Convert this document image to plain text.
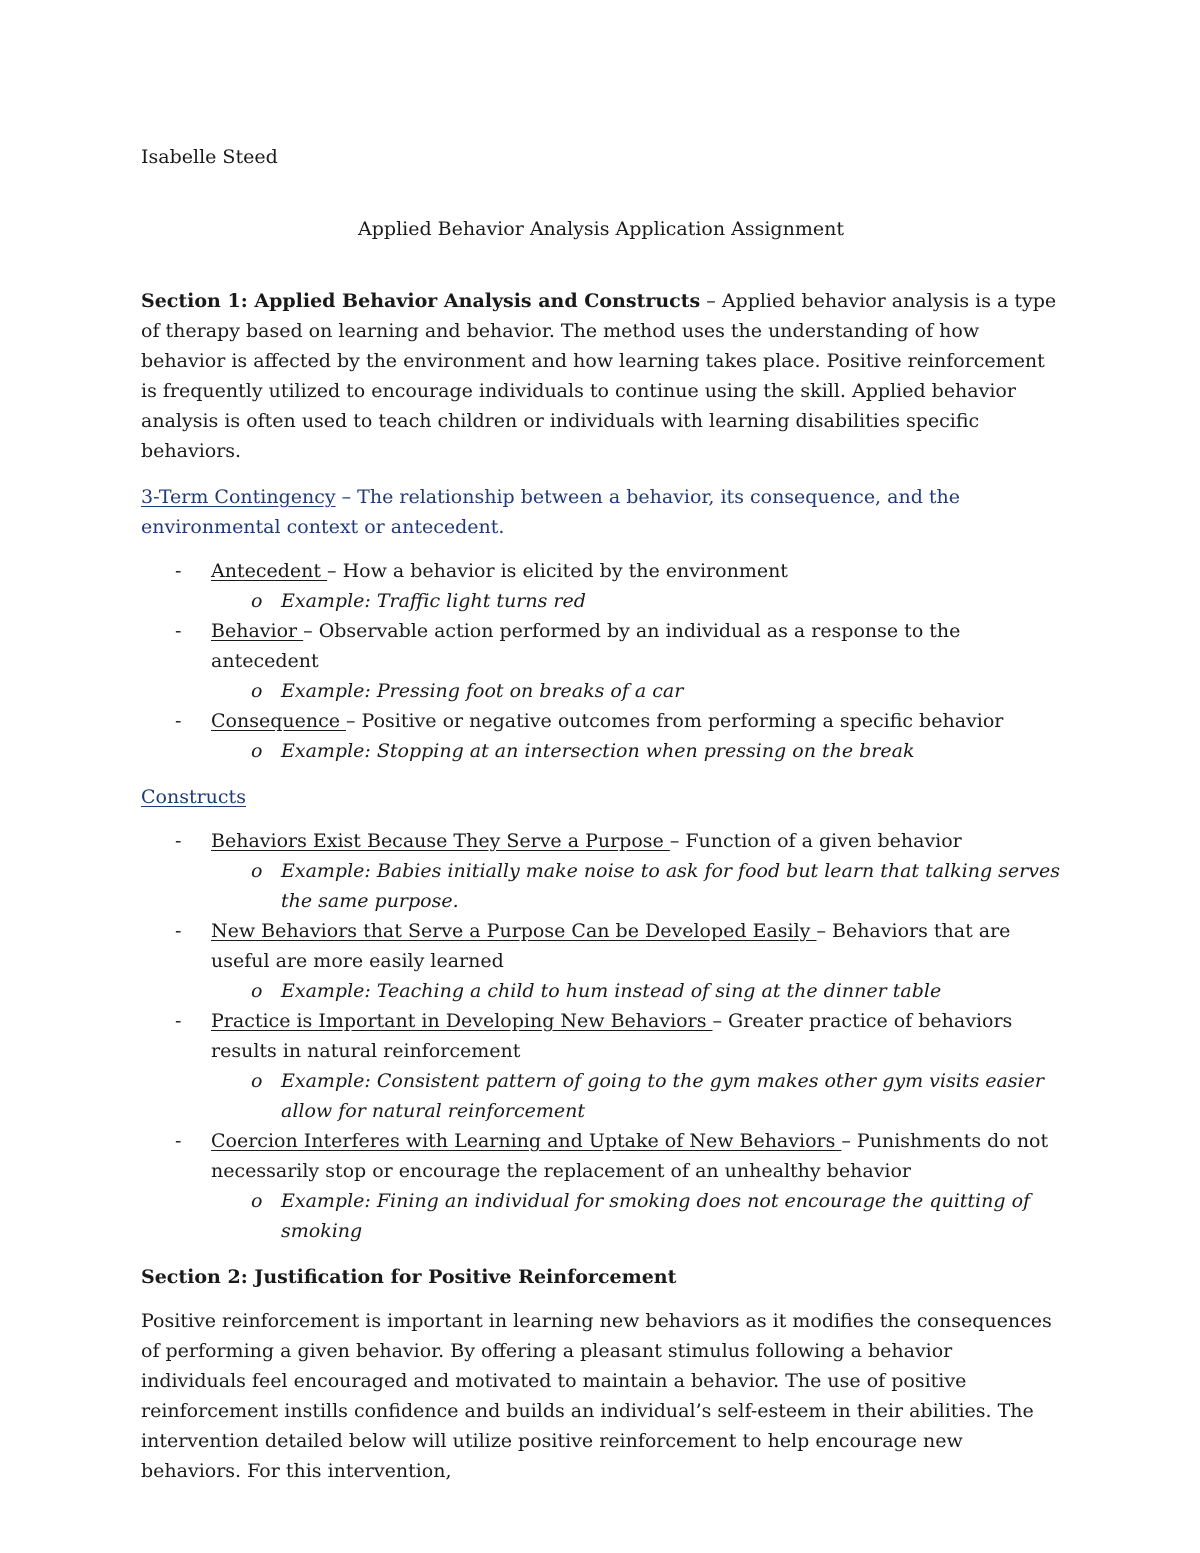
Isabelle Steed

Applied Behavior Analysis Application Assignment

Section 1: Applied Behavior Analysis and Constructs – Applied behavior analysis is a type of therapy based on learning and behavior. The method uses the understanding of how behavior is affected by the environment and how learning takes place. Positive reinforcement is frequently utilized to encourage individuals to continue using the skill. Applied behavior analysis is often used to teach children or individuals with learning disabilities specific behaviors.

3-Term Contingency – The relationship between a behavior, its consequence, and the environmental context or antecedent.

- Antecedent – How a behavior is elicited by the environment
o Example: Traffic light turns red
- Behavior – Observable action performed by an individual as a response to the antecedent
o Example: Pressing foot on breaks of a car
- Consequence – Positive or negative outcomes from performing a specific behavior
o Example: Stopping at an intersection when pressing on the break

Constructs

- Behaviors Exist Because They Serve a Purpose – Function of a given behavior
o Example: Babies initially make noise to ask for food but learn that talking serves the same purpose.
- New Behaviors that Serve a Purpose Can be Developed Easily – Behaviors that are useful are more easily learned
o Example: Teaching a child to hum instead of sing at the dinner table
- Practice is Important in Developing New Behaviors – Greater practice of behaviors results in natural reinforcement
o Example: Consistent pattern of going to the gym makes other gym visits easier allow for natural reinforcement
- Coercion Interferes with Learning and Uptake of New Behaviors – Punishments do not necessarily stop or encourage the replacement of an unhealthy behavior
o Example: Fining an individual for smoking does not encourage the quitting of smoking

Section 2: Justification for Positive Reinforcement

Positive reinforcement is important in learning new behaviors as it modifies the consequences of performing a given behavior. By offering a pleasant stimulus following a behavior individuals feel encouraged and motivated to maintain a behavior. The use of positive reinforcement instills confidence and builds an individual’s self-esteem in their abilities. The intervention detailed below will utilize positive reinforcement to help encourage new behaviors. For this intervention,
